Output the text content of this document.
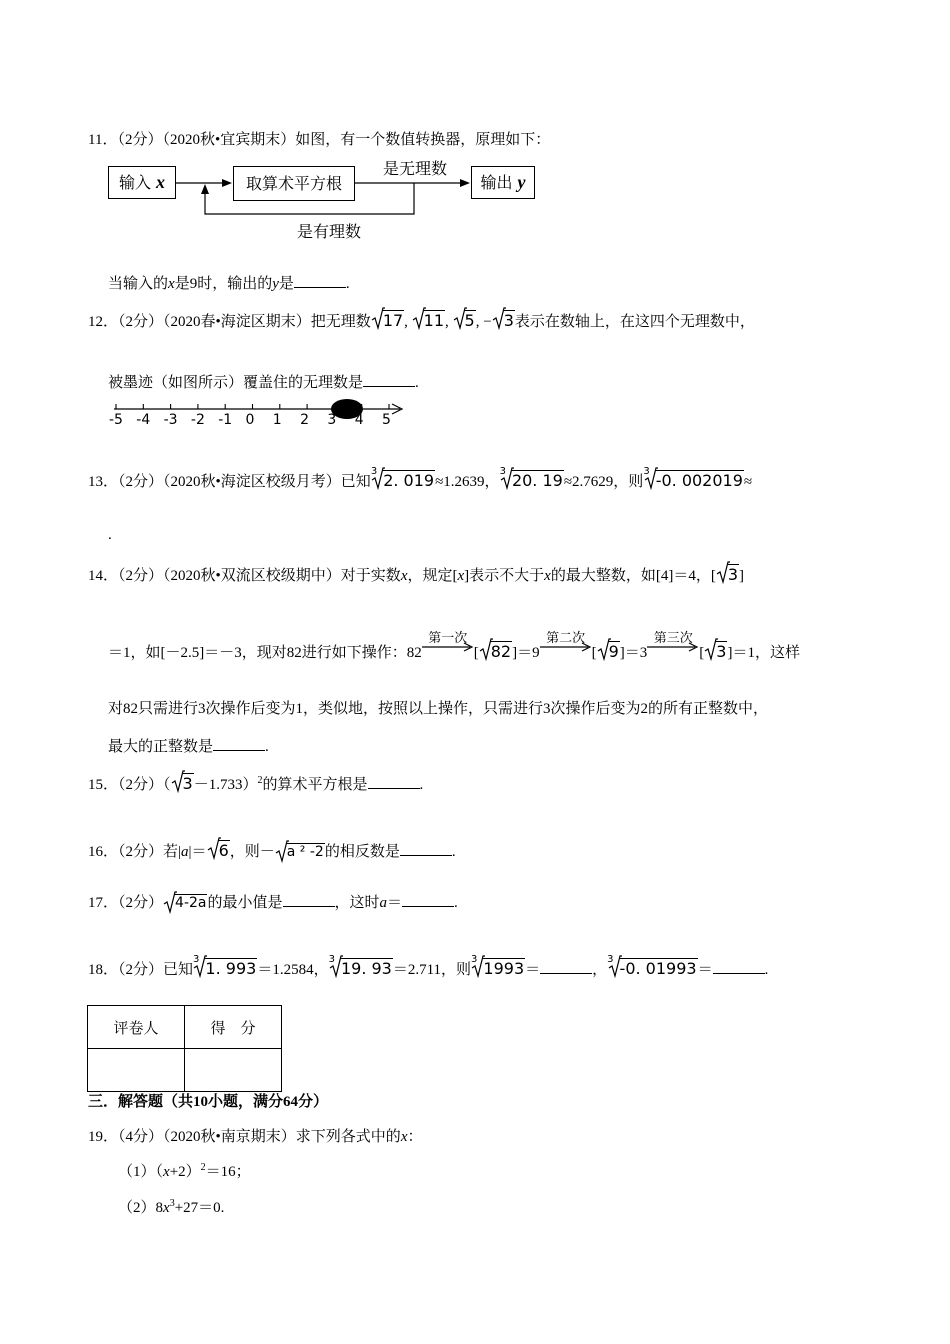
11．（2分）（2020秋•宜宾期末）如图，有一个数值转换器，原理如下：
输入 x	取算术平方根	输出 y
是无理数
是有理数
当输入的x是9时，输出的y是	.
12．（2分）（2020春•海淀区期末）把无理数 17, 11, 5, − 3表示在数轴上，在这四个无理数中，
被墨迹（如图所示）覆盖住的无理数是	.
-5 -4 -3 -2 -1 0 1 2 3 4 5
13．（2分）（2020秋•海淀区校级月考）已知$^3$ 2. 019≈1.2639，$^3$ 20. 19≈2.7629，则$^3$ -0. 002019≈
.
14．（2分）（2020秋•双流区校级期中）对于实数x，规定[x]表示不大于x的最大整数，如[4]＝4，[ 3]
＝1，如[－2.5]＝－3，现对82进行如下操作：82
第一次
[ 82]＝9
第二次
[ 9]＝3
第三次
[ 3]＝1，这样
对82只需进行3次操作后变为1，类似地，按照以上操作，只需进行3次操作后变为2的所有正整数中，
最大的正整数是	.
15．（2分）（ 3－1.733）$^2$的算术平方根是	.
16．（2分）若|a|＝ 6，则－ a ² -2的相反数是	.
17．（2分） 4-2a的最小值是	，这时a＝	.
18．（2分）已知$^3$ 1. 993＝1.2584，$^3$ 19. 93＝2.711，则$^3$ 1993＝	，$^3$ -0. 01993＝	.
评卷人	得　分

三．解答题（共10小题，满分64分）
19．（4分）（2020秋•南京期末）求下列各式中的x：
$(1)(x+2)^2=16$；
$(2)8x^3+27=0$.
